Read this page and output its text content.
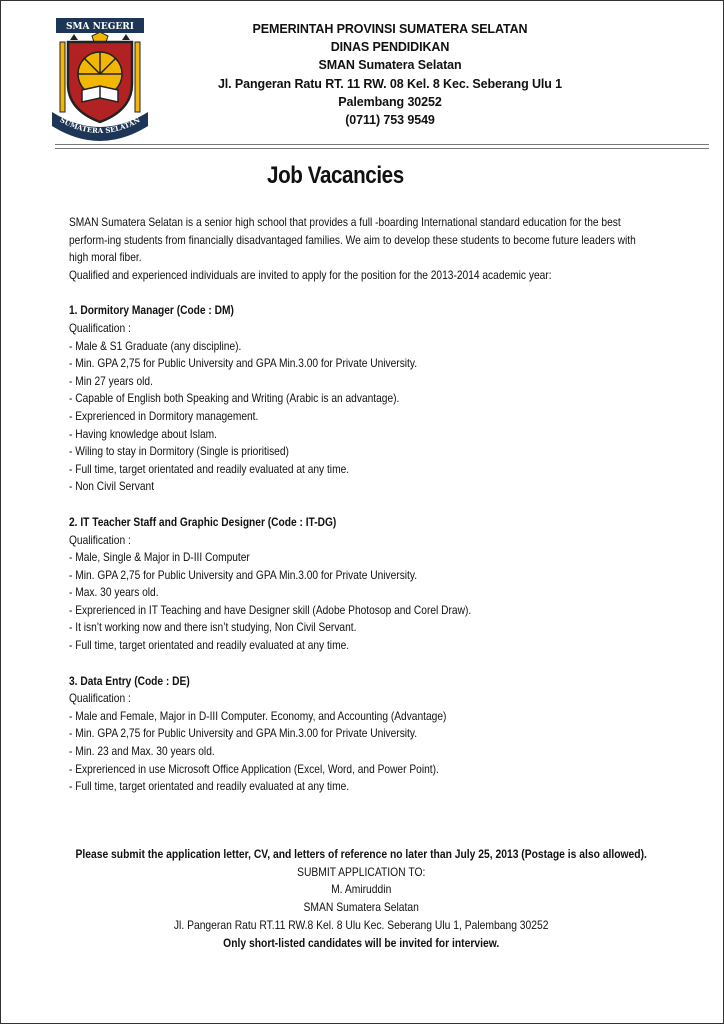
SMA NEGERI
SUMATERA SELATAN
PEMERINTAH PROVINSI SUMATERA SELATAN
DINAS PENDIDIKAN
SMAN Sumatera Selatan
Jl. Pangeran Ratu RT. 11 RW. 08 Kel. 8 Kec. Seberang Ulu 1
Palembang 30252
(0711) 753 9549
Job Vacancies

SMAN Sumatera Selatan is a senior high school that provides a full -boarding International standard education for the best perform-ing students from financially disadvantaged families. We aim to develop these students to become future leaders with high moral fiber.

Qualified and experienced individuals are invited to apply for the position for the 2013-2014 academic year:

1. Dormitory Manager (Code : DM)
Qualification :
- Male & S1 Graduate (any discipline).
- Min. GPA 2,75 for Public University and GPA Min.3.00 for Private University.
- Min 27 years old.
- Capable of English both Speaking and Writing (Arabic is an advantage).
- Exprerienced in Dormitory management.
- Having knowledge about Islam.
- Wiling to stay in Dormitory (Single is prioritised)
- Full time, target orientated and readily evaluated at any time.
- Non Civil Servant
2. IT Teacher Staff and Graphic Designer (Code : IT-DG)
Qualification :
- Male, Single & Major in D-III Computer
- Min. GPA 2,75 for Public University and GPA Min.3.00 for Private University.
- Max. 30 years old.
- Exprerienced in IT Teaching and have Designer skill (Adobe Photosop and Corel Draw).
- It isn’t working now and there isn’t studying, Non Civil Servant.
- Full time, target orientated and readily evaluated at any time.
3. Data Entry (Code : DE)
Qualification :
- Male and Female, Major in D-III Computer. Economy, and Accounting (Advantage)
- Min. GPA 2,75 for Public University and GPA Min.3.00 for Private University.
- Min. 23 and Max. 30 years old.
- Exprerienced in use Microsoft Office Application (Excel, Word, and Power Point).
- Full time, target orientated and readily evaluated at any time.
Please submit the application letter, CV, and letters of reference no later than July 25, 2013 (Postage is also allowed).
SUBMIT APPLICATION TO:
M. Amiruddin
SMAN Sumatera Selatan
Jl. Pangeran Ratu RT.11 RW.8 Kel. 8 Ulu Kec. Seberang Ulu 1, Palembang 30252
Only short-listed candidates will be invited for interview.
